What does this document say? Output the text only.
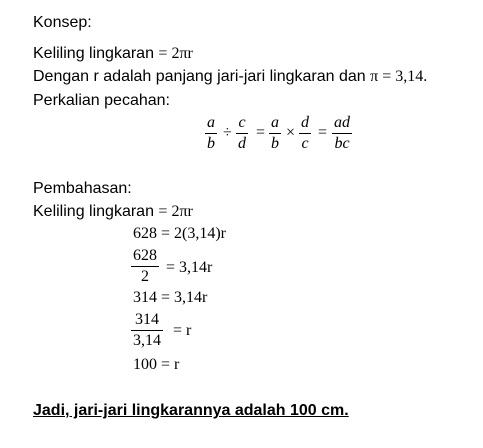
Konsep:
Keliling lingkaran = 2πr
Dengan r adalah panjang jari-jari lingkaran dan π = 3,14.
Perkalian pecahan:
a
b
÷
c
d
=
a
b
×
d
c
=
ad
bc
Pembahasan:
Keliling lingkaran = 2πr
628 = 2(3,14)r
628
2
= 3,14r
314 = 3,14r
314
3,14
= r
100 = r
Jadi, jari-jari lingkarannya adalah 100 cm.
